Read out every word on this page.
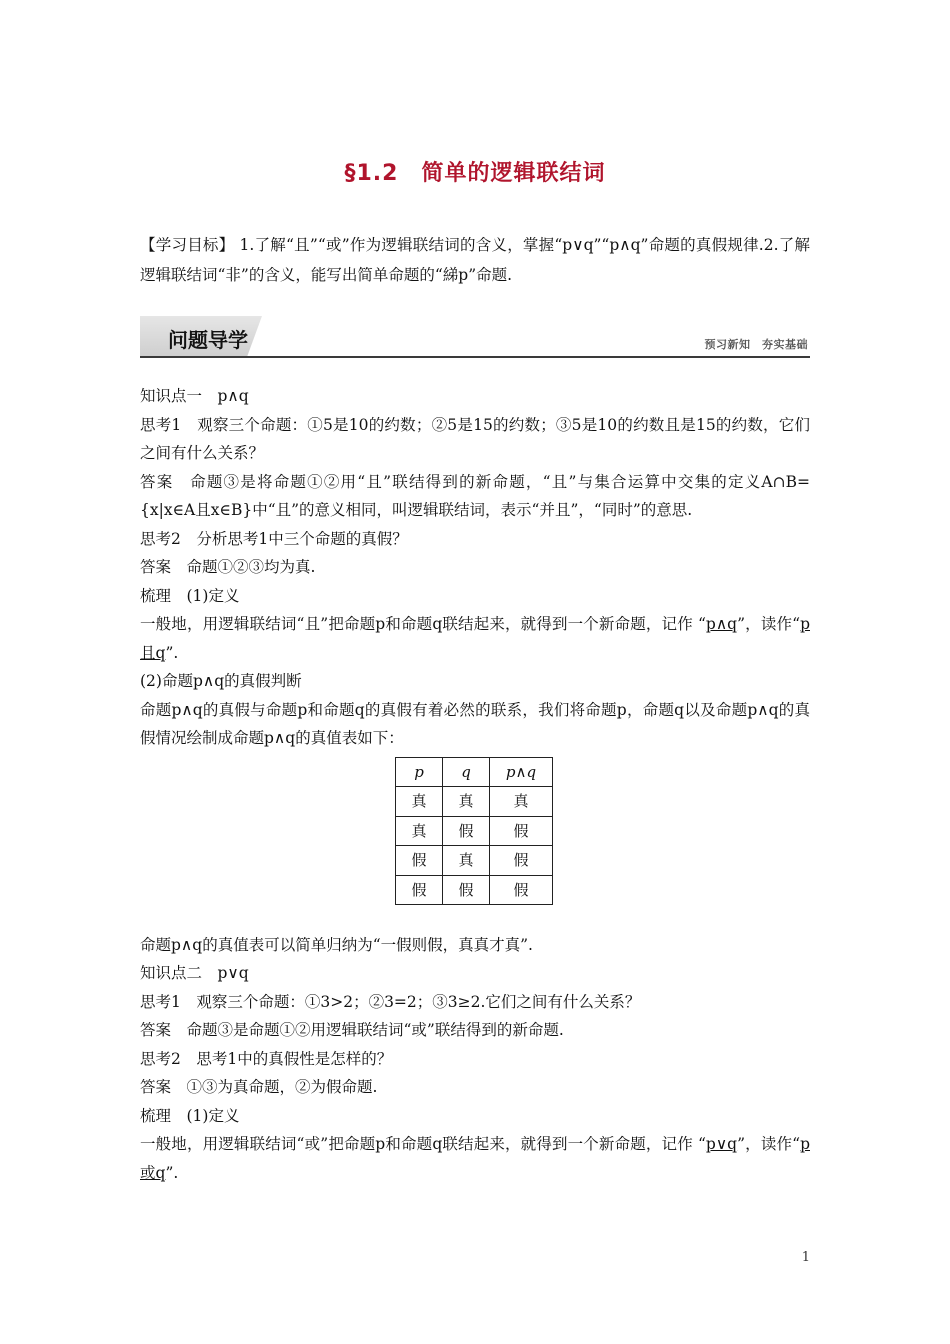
§1.2　简单的逻辑联结词
【学习目标】 1.了解“且”“或”作为逻辑联结词的含义，掌握“p∨q”“p∧q”命题的真假规律.2.了解逻辑联结词“非”的含义，能写出简单命题的“綈p”命题.
问题导学	预习新知　夯实基础

知识点一　p∧q

思考1　观察三个命题：①5是10的约数；②5是15的约数；③5是10的约数且是15的约数，它们之间有什么关系？

答案　命题③是将命题①②用“且”联结得到的新命题，“且”与集合运算中交集的定义A∩B={x|x∈A且x∈B}中“且”的意义相同，叫逻辑联结词，表示“并且”，“同时”的意思.

思考2　分析思考1中三个命题的真假？

答案　命题①②③均为真.

梳理　(1)定义

一般地，用逻辑联结词“且”把命题p和命题q联结起来，就得到一个新命题，记作 “p∧q”，读作“p且q”.

(2)命题p∧q的真假判断

命题p∧q的真假与命题p和命题q的真假有着必然的联系，我们将命题p，命题q以及命题p∧q的真假情况绘制成命题p∧q的真值表如下：

p	q	p∧q
真	真	真
真	假	假
假	真	假
假	假	假

命题p∧q的真值表可以简单归纳为“一假则假，真真才真”.

知识点二　p∨q

思考1　观察三个命题：①3>2；②3=2；③3≥2.它们之间有什么关系？

答案　命题③是命题①②用逻辑联结词“或”联结得到的新命题.

思考2　思考1中的真假性是怎样的？

答案　①③为真命题，②为假命题.

梳理　(1)定义

一般地，用逻辑联结词“或”把命题p和命题q联结起来，就得到一个新命题，记作 “p∨q”，读作“p或q”.

1
